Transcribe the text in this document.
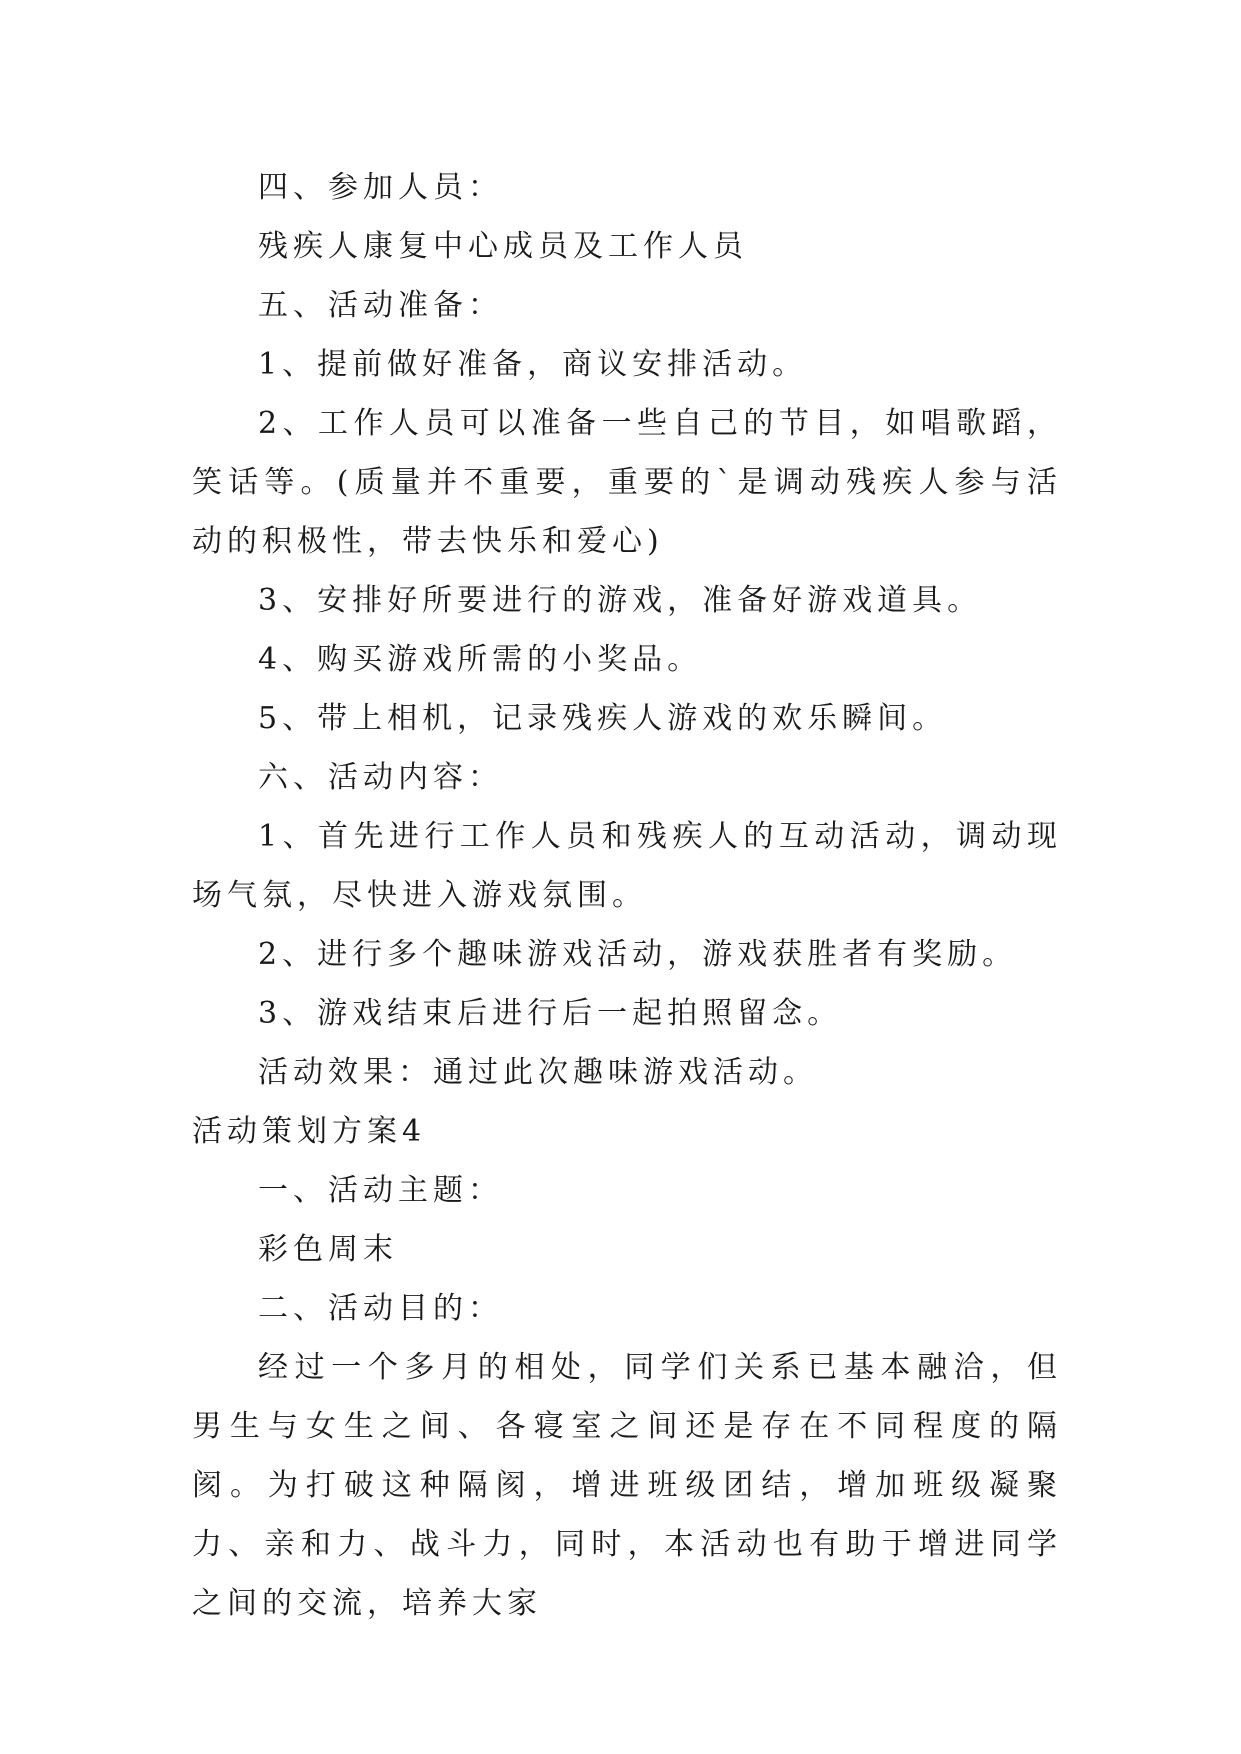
四、参加人员：

残疾人康复中心成员及工作人员

五、活动准备：

1、提前做好准备，商议安排活动。

2、工作人员可以准备一些自己的节目，如唱歌蹈，笑话等。(质量并不重要，重要的`是调动残疾人参与活动的积极性，带去快乐和爱心)

3、安排好所要进行的游戏，准备好游戏道具。

4、购买游戏所需的小奖品。

5、带上相机，记录残疾人游戏的欢乐瞬间。

六、活动内容：

1、首先进行工作人员和残疾人的互动活动，调动现场气氛，尽快进入游戏氛围。

2、进行多个趣味游戏活动，游戏获胜者有奖励。

3、游戏结束后进行后一起拍照留念。

活动效果：通过此次趣味游戏活动。

活动策划方案4

一、活动主题：

彩色周末

二、活动目的：

经过一个多月的相处，同学们关系已基本融洽，但男生与女生之间、各寝室之间还是存在不同程度的隔阂。为打破这种隔阂，增进班级团结，增加班级凝聚力、亲和力、战斗力，同时，本活动也有助于增进同学之间的交流，培养大家
